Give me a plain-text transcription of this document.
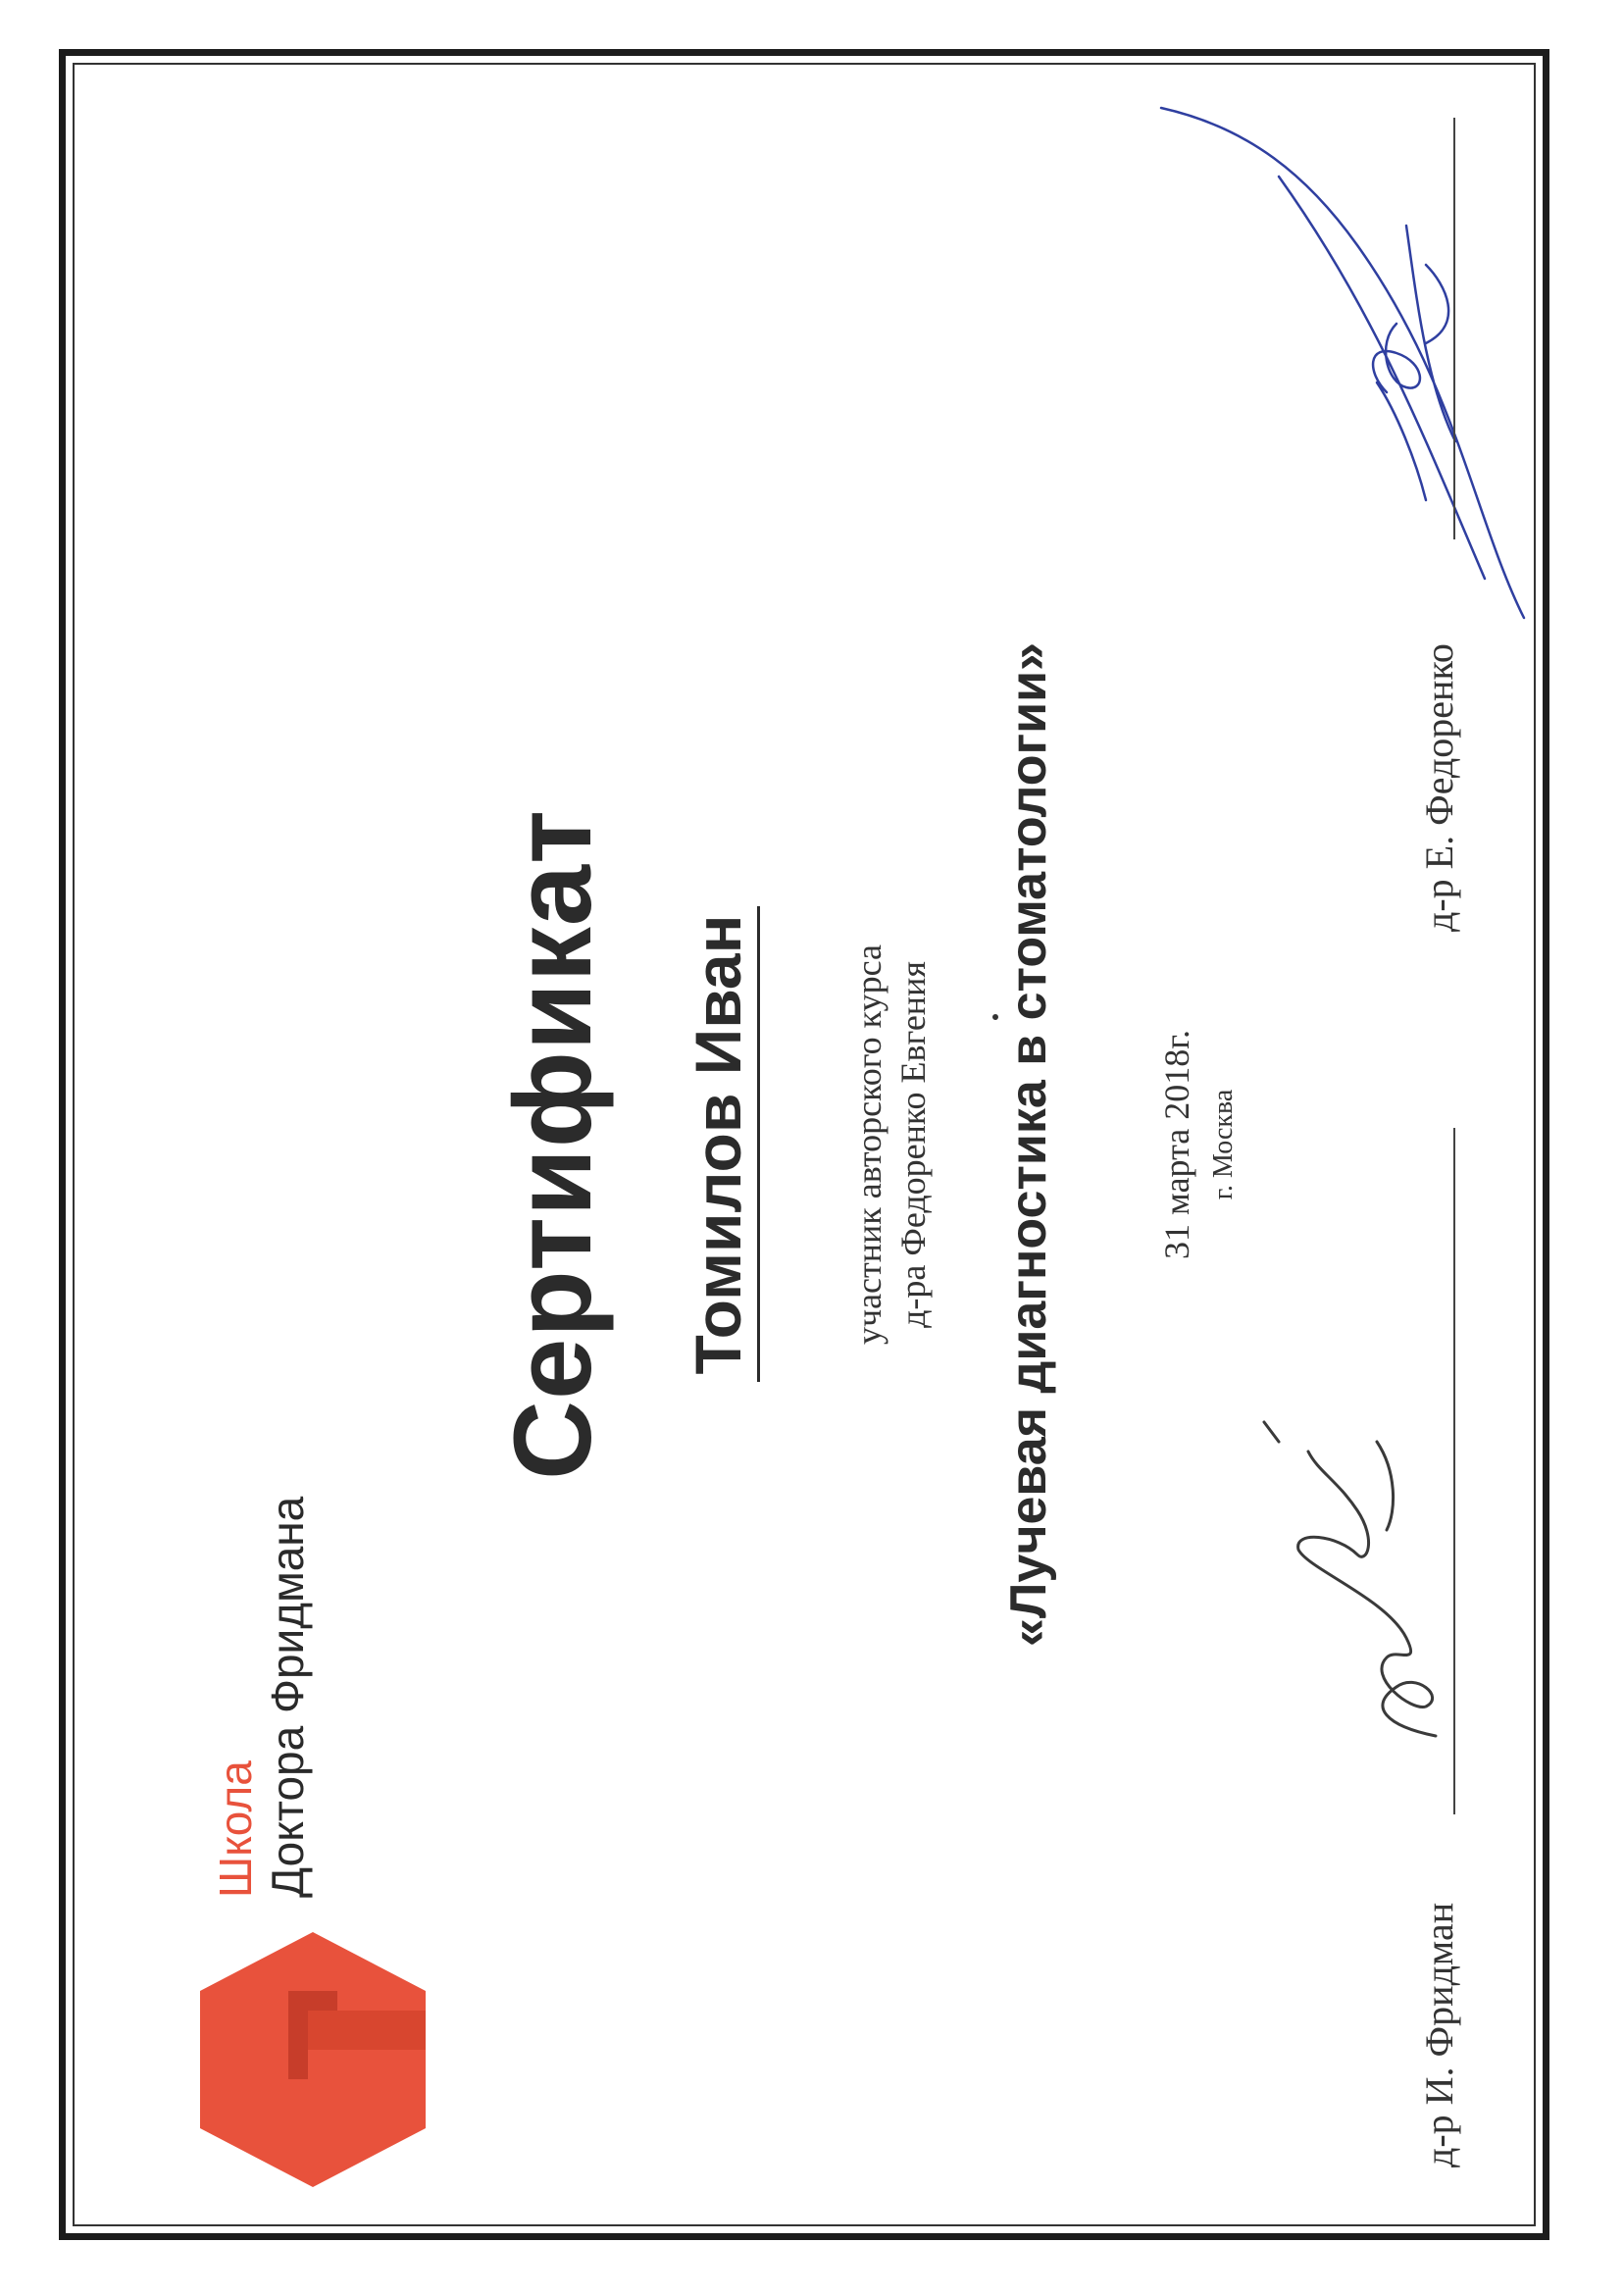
Школа Доктора Фридмана
Сертификат Томилов Иван	участник авторского курса д-ра Федоренко Евгения «Лучевая диагностика в стоматологии»	31 марта 2018г. г. Москва
д-р И. Фридман
д-р Е. Федоренко
